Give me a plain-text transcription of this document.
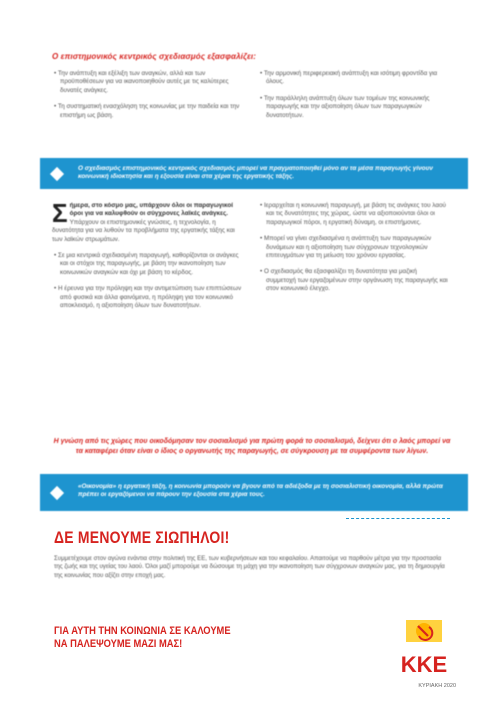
Ο επιστημονικός κεντρικός σχεδιασμός εξασφαλίζει:

• Την ανάπτυξη και εξέλιξη των αναγκών, αλλά και των προϋποθέσεων για να ικανοποιηθούν αυτές με τις καλύτερες δυνατές ανάγκες.

• Τη συστηματική ενασχόληση της κοινωνίας με την παιδεία και την επιστήμη ως βάση.

• Την αρμονική περιφερειακή ανάπτυξη και ισότιμη φροντίδα για όλους.

• Την παράλληλη ανάπτυξη όλων των τομέων της κοινωνικής παραγωγής και την αξιοποίηση όλων των παραγωγικών δυνατοτήτων.

Ο σχεδιασμός επιστημονικός κεντρικός σχεδιασμός μπορεί να πραγματοποιηθεί μόνο αν τα μέσα παραγωγής γίνουν κοινωνική ιδιοκτησία και η εξουσία είναι στα χέρια της εργατικής τάξης.

Σ ήμερα, στο κόσμο μας, υπάρχουν όλοι οι παραγωγικοί όροι για να καλυφθούν οι σύγχρονες λαϊκές ανάγκες. Υπάρχουν οι επιστημονικές γνώσεις, η τεχνολογία, η δυνατότητα για να λυθούν τα προβλήματα της εργατικής τάξης και των λαϊκών στρωμάτων.

• Σε μια κεντρικά σχεδιασμένη παραγωγή, καθορίζονται οι ανάγκες και οι στόχοι της παραγωγής, με βάση την ικανοποίηση των κοινωνικών αναγκών και όχι με βάση το κέρδος.

• Η έρευνα για την πρόληψη και την αντιμετώπιση των επιπτώσεων από φυσικά και άλλα φαινόμενα, η πρόληψη για τον κοινωνικό αποκλεισμό, η αξιοποίηση όλων των δυνατοτήτων.

• Ιεραρχείται η κοινωνική παραγωγή, με βάση τις ανάγκες του λαού και τις δυνατότητες της χώρας, ώστε να αξιοποιούνται όλοι οι παραγωγικοί πόροι, η εργατική δύναμη, οι επιστήμονες.

• Μπορεί να γίνει σχεδιασμένα η ανάπτυξη των παραγωγικών δυνάμεων και η αξιοποίηση των σύγχρονων τεχνολογικών επιτευγμάτων για τη μείωση του χρόνου εργασίας.

• Ο σχεδιασμός θα εξασφαλίζει τη δυνατότητα για μαζική συμμετοχή των εργαζομένων στην οργάνωση της παραγωγής και στον κοινωνικό έλεγχο.

Η γνώση από τις χώρες που οικοδόμησαν τον σοσιαλισμό για πρώτη φορά το σοσιαλισμό, δείχνει ότι ο λαός μπορεί να τα καταφέρει όταν είναι ο ίδιος ο οργανωτής της παραγωγής, σε σύγκρουση με τα συμφέροντα των λίγων.
«Οικονομία» η εργατική τάξη, η κοινωνία μπορούν να βγουν από τα αδιέξοδα με τη σοσιαλιστική οικονομία, αλλά πρώτα πρέπει οι εργαζόμενοι να πάρουν την εξουσία στα χέρια τους.
ΔΕ ΜΕΝΟΥΜΕ ΣΙΩΠΗΛΟΙ!
Συμμετέχουμε στον αγώνα ενάντια στην πολιτική της ΕΕ, των κυβερνήσεων και του κεφαλαίου. Απαιτούμε να παρθούν μέτρα για την προστασία της ζωής και της υγείας του λαού. Όλοι μαζί μπορούμε να δώσουμε τη μάχη για την ικανοποίηση των σύγχρονων αναγκών μας, για τη δημιουργία της κοινωνίας που αξίζει στην εποχή μας.
ΓΙΑ ΑΥΤΗ ΤΗΝ ΚΟΙΝΩΝΙΑ ΣΕ ΚΑΛΟΥΜΕ
ΝΑ ΠΑΛΕΨΟΥΜΕ ΜΑΖΙ ΜΑΣ!
ΚΚΕ
ΚΥΡΙΑΚΗ 2020
